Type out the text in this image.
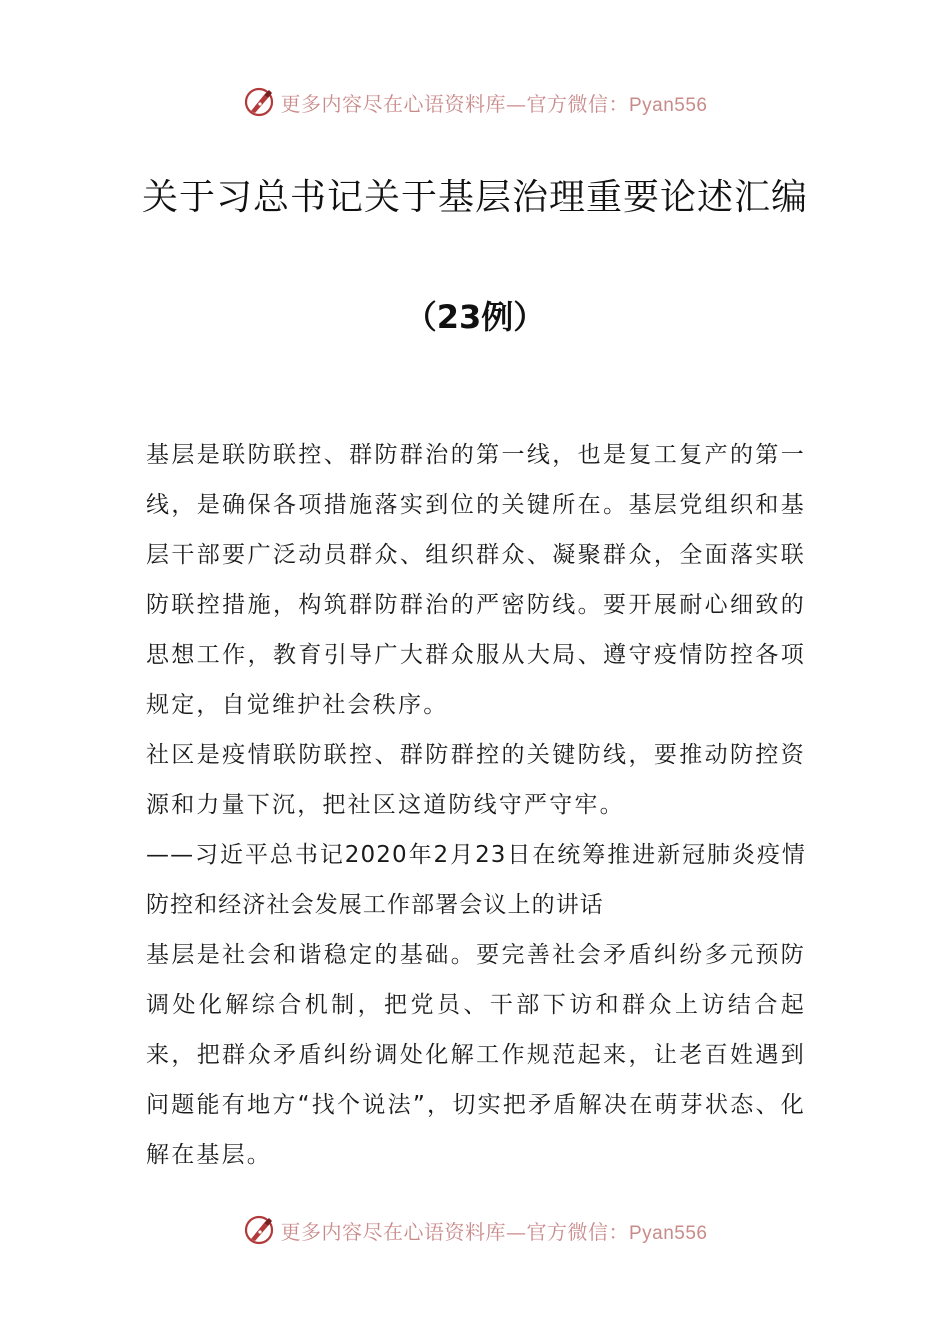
更多内容尽在心语资料库—官方微信：Pyan556
关于习总书记关于基层治理重要论述汇编
（23例）

基层是联防联控、群防群治的第一线，也是复工复产的第一线，是确保各项措施落实到位的关键所在。基层党组织和基层干部要广泛动员群众、组织群众、凝聚群众，全面落实联防联控措施，构筑群防群治的严密防线。要开展耐心细致的思想工作，教育引导广大群众服从大局、遵守疫情防控各项规定，自觉维护社会秩序。

社区是疫情联防联控、群防群控的关键防线，要推动防控资源和力量下沉，把社区这道防线守严守牢。

——习近平总书记2020年2月23日在统筹推进新冠肺炎疫情防控和经济社会发展工作部署会议上的讲话

基层是社会和谐稳定的基础。要完善社会矛盾纠纷多元预防调处化解综合机制，把党员、干部下访和群众上访结合起来，把群众矛盾纠纷调处化解工作规范起来，让老百姓遇到问题能有地方“找个说法”，切实把矛盾解决在萌芽状态、化解在基层。

更多内容尽在心语资料库—官方微信：Pyan556
